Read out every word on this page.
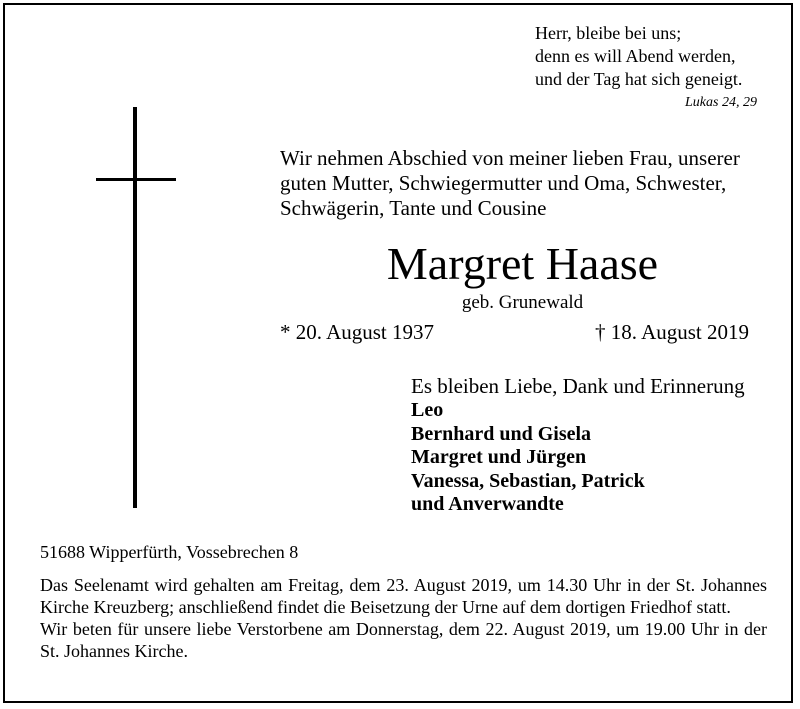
Herr, bleibe bei uns;
denn es will Abend werden,
und der Tag hat sich geneigt.
Lukas 24, 29
Wir nehmen Abschied von meiner lieben Frau, unserer
guten Mutter, Schwiegermutter und Oma, Schwester,
Schwägerin, Tante und Cousine
Margret Haase
geb. Grunewald
* 20. August 1937	† 18. August 2019
Es bleiben Liebe, Dank und Erinnerung
Leo
Bernhard und Gisela
Margret und Jürgen
Vanessa, Sebastian, Patrick
und Anverwandte
51688 Wipperfürth, Vossebrechen 8

Das Seelenamt wird gehalten am Freitag, dem 23. August 2019, um 14.30 Uhr in der St. Johannes Kirche Kreuzberg; anschließend findet die Beisetzung der Urne auf dem dortigen Friedhof statt.

Wir beten für unsere liebe Verstorbene am Donnerstag, dem 22. August 2019, um 19.00 Uhr in der St. Johannes Kirche.
